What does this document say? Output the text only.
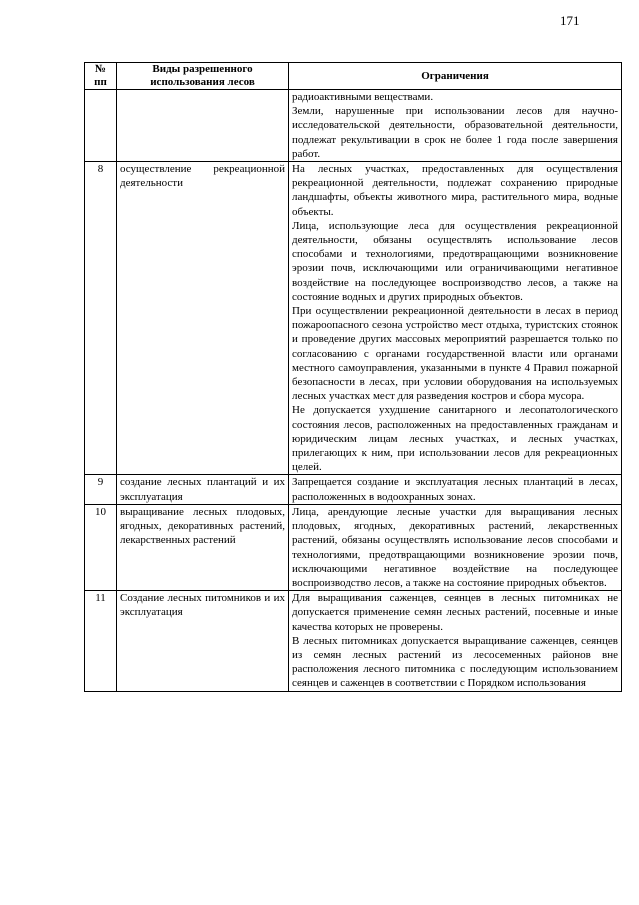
171
№ пп	Виды разрешенного использования лесов	Ограничения

		радиоактивными веществами.

Земли, нарушенные при использовании лесов для научно-исследовательской деятельности, образовательной деятельности, подлежат рекультивации в срок не более 1 года после завершения работ.

8	осуществление рекреационной деятельности	На лесных участках, предоставленных для осуществления рекреационной деятельности, подлежат сохранению природные ландшафты, объекты животного мира, растительного мира, водные объекты.

Лица, использующие леса для осуществления рекреационной деятельности, обязаны осуществлять использование лесов способами и технологиями, предотвращающими возникновение эрозии почв, исключающими или ограничивающими негативное воздействие на последующее воспроизводство лесов, а также на состояние водных и других природных объектов.

При осуществлении рекреационной деятельности в лесах в период пожароопасного сезона устройство мест отдыха, туристских стоянок и проведение других массовых мероприятий разрешается только по согласованию с органами государственной власти или органами местного самоуправления, указанными в пункте 4 Правил пожарной безопасности в лесах, при условии оборудования на используемых лесных участках мест для разведения костров и сбора мусора.

Не допускается ухудшение санитарного и лесопатологического состояния лесов, расположенных на предоставленных гражданам и юридическим лицам лесных участках, и лесных участках, прилегающих к ним, при использовании лесов для рекреационных целей.

9	создание лесных плантаций и их эксплуатация	Запрещается создание и эксплуатация лесных плантаций в лесах, расположенных в водоохранных зонах.

10	выращивание лесных плодовых, ягодных, декоративных растений, лекарственных растений	Лица, арендующие лесные участки для выращивания лесных плодовых, ягодных, декоративных растений, лекарственных растений, обязаны осуществлять использование лесов способами и технологиями, предотвращающими возникновение эрозии почв, исключающими негативное воздействие на последующее воспроизводство лесов, а также на состояние природных объектов.

11	Создание лесных питомников и их эксплуатация	Для выращивания саженцев, сеянцев в лесных питомниках не допускается применение семян лесных растений, посевные и иные качества которых не проверены.

В лесных питомниках допускается выращивание саженцев, сеянцев из семян лесных растений из лесосеменных районов вне расположения лесного питомника с последующим использованием сеянцев и саженцев в соответствии с Порядком использования
